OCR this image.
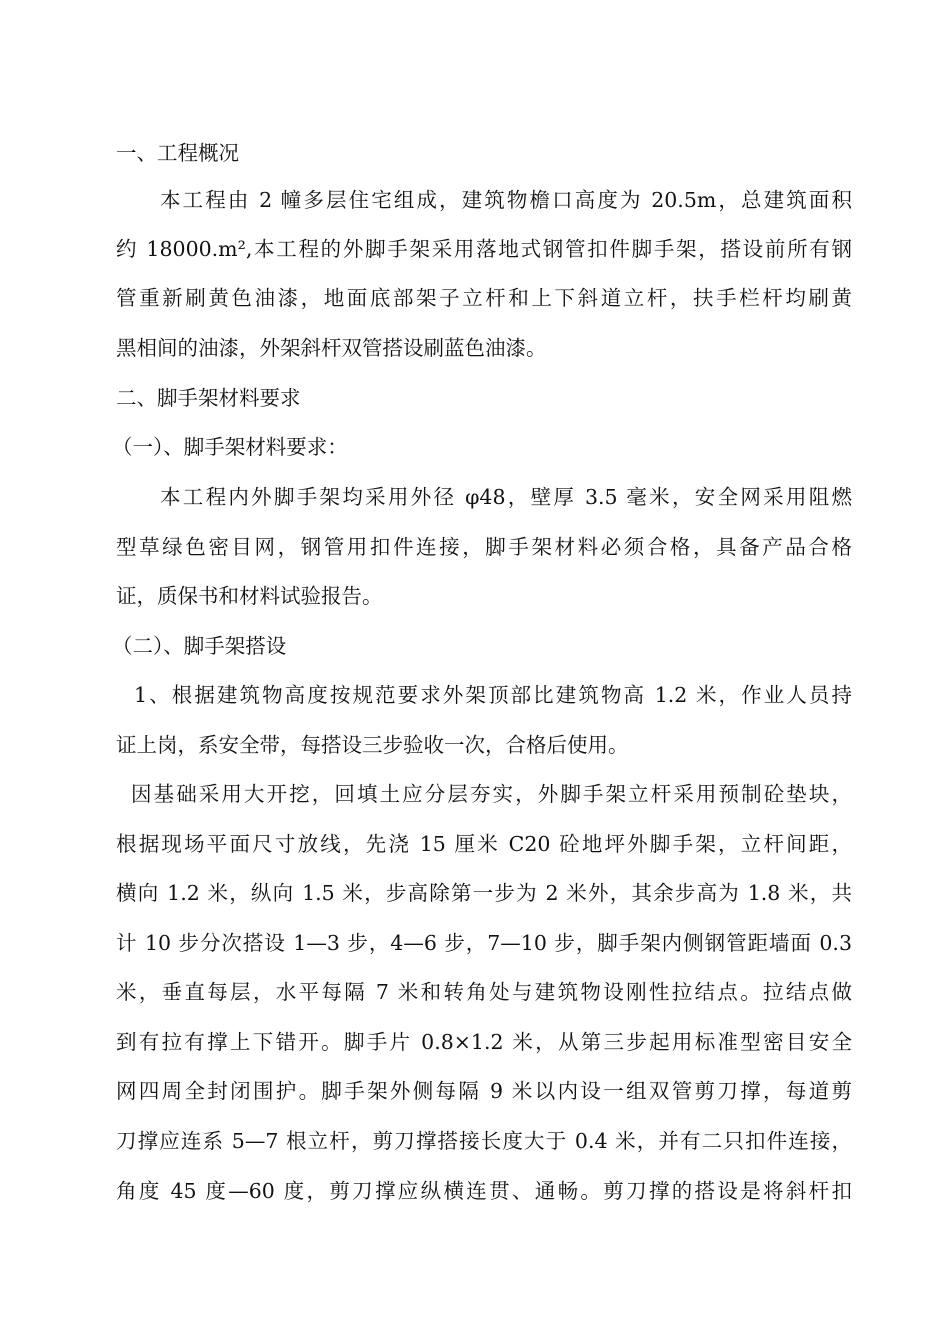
一、工程概况
本工程由 2 幢多层住宅组成，建筑物檐口高度为 20.5m，总建筑面积
约 18000.m²,本工程的外脚手架采用落地式钢管扣件脚手架，搭设前所有钢
管重新刷黄色油漆，地面底部架子立杆和上下斜道立杆，扶手栏杆均刷黄
黑相间的油漆，外架斜杆双管搭设刷蓝色油漆。
二、脚手架材料要求
（一）、脚手架材料要求：
本工程内外脚手架均采用外径 φ48，壁厚 3.5 毫米，安全网采用阻燃
型草绿色密目网，钢管用扣件连接，脚手架材料必须合格，具备产品合格
证，质保书和材料试验报告。
（二）、脚手架搭设
1、根据建筑物高度按规范要求外架顶部比建筑物高 1.2 米，作业人员持
证上岗，系安全带，每搭设三步验收一次，合格后使用。
因基础采用大开挖，回填土应分层夯实，外脚手架立杆采用预制砼垫块，
根据现场平面尺寸放线，先浇 15 厘米 C20 砼地坪外脚手架，立杆间距，
横向 1.2 米，纵向 1.5 米，步高除第一步为 2 米外，其余步高为 1.8 米，共
计 10 步分次搭设 1—3 步，4—6 步，7—10 步，脚手架内侧钢管距墙面 0.3
米，垂直每层，水平每隔 7 米和转角处与建筑物设刚性拉结点。拉结点做
到有拉有撑上下错开。脚手片 0.8×1.2 米，从第三步起用标准型密目安全
网四周全封闭围护。脚手架外侧每隔 9 米以内设一组双管剪刀撑，每道剪
刀撑应连系 5—7 根立杆，剪刀撑搭接长度大于 0.4 米，并有二只扣件连接，
角度 45 度—60 度，剪刀撑应纵横连贯、通畅。剪刀撑的搭设是将斜杆扣
